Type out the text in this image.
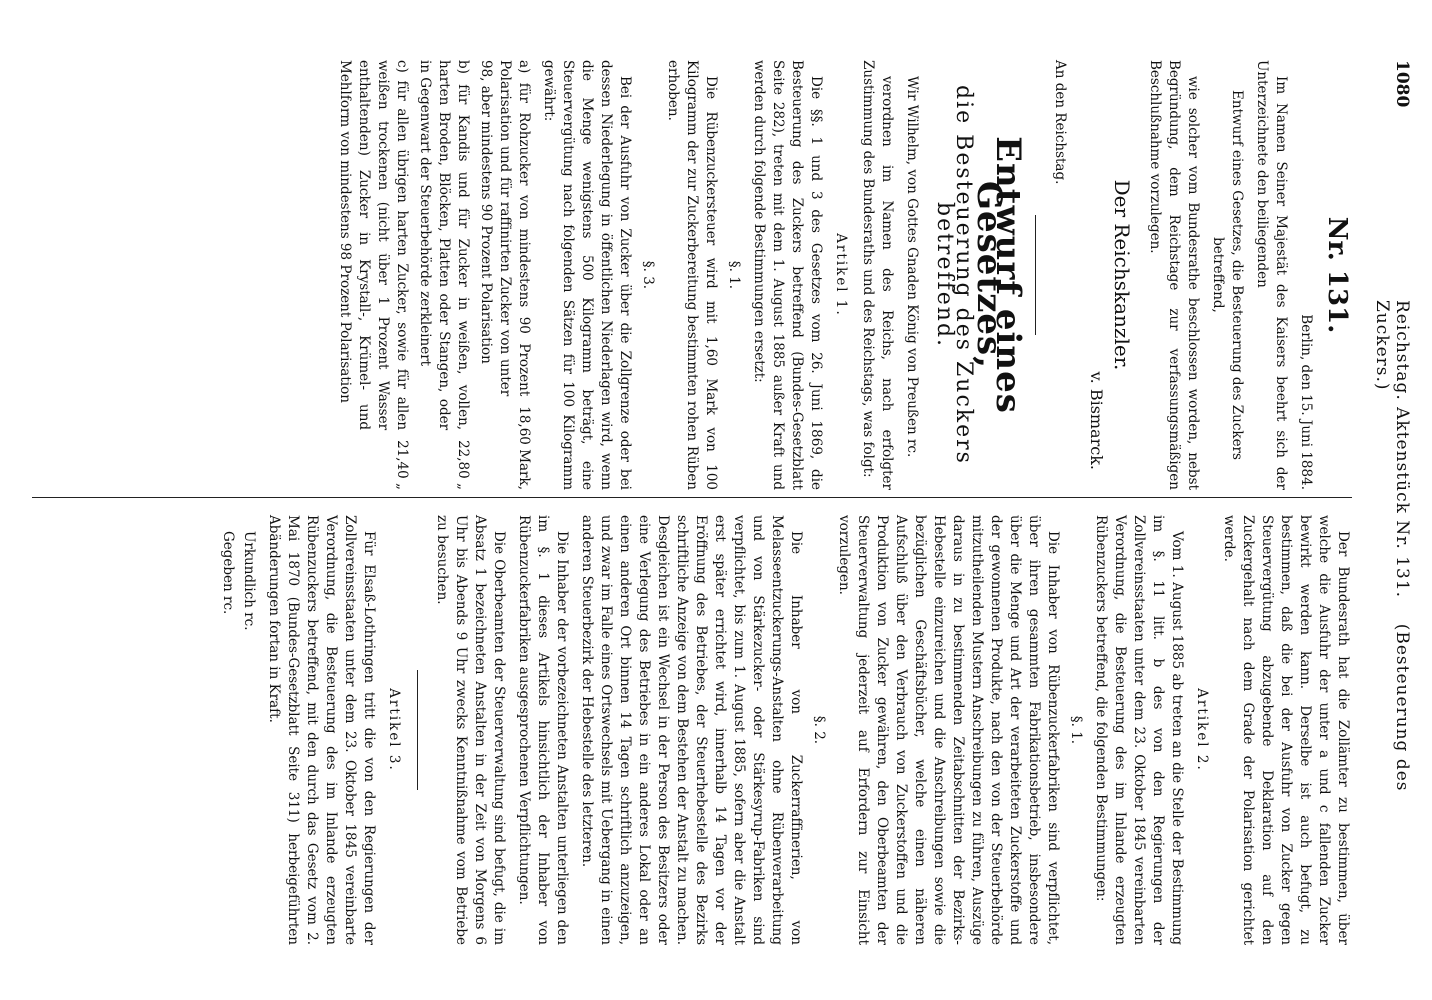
1080
Reichstag. Aktenstück Nr. 131.    (Besteuerung des Zuckers.)
Nr. 131.

Berlin, den 15. Juni 1884.

Im Namen Seiner Majestät des Kaisers beehrt sich der Unterzeichnete den beiliegenden

Entwurf eines Gesetzes, die Besteuerung des Zuckers betreffend,

wie solcher vom Bundesrathe beschlossen worden, nebst Begründung, dem Reichstage zur verfassungsmäßigen Beschlußnahme vorzulegen.

Der Reichskanzler.
v. Bismarck.

An den Reichstag.

Entwurf eines Gesetzes,
die Besteuerung des Zuckers betreffend.

Wir Wilhelm, von Gottes Gnaden König von Preußen rc.

verordnen im Namen des Reichs, nach erfolgter Zustimmung des Bundesraths und des Reichstags, was folgt:

Artikel 1.

Die §§. 1 und 3 des Gesetzes vom 26. Juni 1869, die Besteuerung des Zuckers betreffend (Bundes-Gesetzblatt Seite 282), treten mit dem 1. August 1885 außer Kraft und werden durch folgende Bestimmungen ersetzt:

§. 1.

Die Rübenzuckersteuer wird mit 1,60 Mark von 100 Kilogramm der zur Zuckerbereitung bestimmten rohen Rüben erhoben.

§. 3.

Bei der Ausfuhr von Zucker über die Zollgrenze oder bei dessen Niederlegung in öffentlichen Niederlagen wird, wenn die Menge wenigstens 500 Kilogramm beträgt, eine Steuervergütung nach folgenden Sätzen für 100 Kilogramm gewährt:

a) für Rohzucker von mindestens 90 Prozent Polarisation und für raffinirten Zucker von unter 98, aber mindestens 90 Prozent Polarisation
18,60 Mark,
b) für Kandis und für Zucker in weißen, vollen, harten Broden, Blöcken, Platten oder Stangen, oder in Gegenwart der Steuerbehörde zerkleinert
22,80 „
c) für allen übrigen harten Zucker, sowie für allen weißen trockenen (nicht über 1 Prozent Wasser enthaltenden) Zucker in Krystall-, Krümel- und Mehlform von mindestens 98 Prozent Polarisation
21,40 „

Der Bundesrath hat die Zollämter zu bestimmen, über welche die Ausfuhr der unter a und c fallenden Zucker bewirkt werden kann. Derselbe ist auch befugt, zu bestimmen, daß die bei der Ausfuhr von Zucker gegen Steuervergütung abzugebende Deklaration auf den Zuckergehalt nach dem Grade der Polarisation gerichtet werde.

Artikel 2.

Vom 1. August 1885 ab treten an die Stelle der Bestimmung im §. 11 litt. b des von den Regierungen der Zollvereinsstaaten unter dem 23. Oktober 1845 vereinbarten Verordnung, die Besteuerung des im Inlande erzeugten Rübenzuckers betreffend, die folgenden Bestimmungen:

§. 1.

Die Inhaber von Rübenzuckerfabriken sind verpflichtet, über ihren gesammten Fabrikationsbetrieb, insbesondere über die Menge und Art der verarbeiteten Zuckerstoffe und der gewonnenen Produkte, nach den von der Steuerbehörde mitzutheilenden Mustern Anschreibungen zu führen, Auszüge daraus in zu bestimmenden Zeitabschnitten der Bezirks-Hebestelle einzureichen und die Anschreibungen sowie die bezüglichen Geschäftsbücher, welche einen näheren Aufschluß über den Verbrauch von Zuckerstoffen und die Produktion von Zucker gewähren, den Oberbeamten der Steuerverwaltung jederzeit auf Erfordern zur Einsicht vorzulegen.

§. 2.

Die Inhaber von Zuckerraffinerien, von Melasseentzuckerungs-Anstalten ohne Rübenverarbeitung und von Stärkezucker- oder Stärkesyrup-Fabriken sind verpflichtet, bis zum 1. August 1885, sofern aber die Anstalt erst später errichtet wird, innerhalb 14 Tagen vor der Eröffnung des Betriebes, der Steuerhebestelle des Bezirks schriftliche Anzeige von dem Bestehen der Anstalt zu machen. Desgleichen ist ein Wechsel in der Person des Besitzers oder eine Verlegung des Betriebes in ein anderes Lokal oder an einen anderen Ort binnen 14 Tagen schriftlich anzuzeigen, und zwar im Falle eines Ortswechsels mit Uebergang in einen anderen Steuerbezirk der Hebestelle des letzteren.

Die Inhaber der vorbezeichneten Anstalten unterliegen den im §. 1 dieses Artikels hinsichtlich der Inhaber von Rübenzuckerfabriken ausgesprochenen Verpflichtungen.

Die Oberbeamten der Steuerverwaltung sind befugt, die im Absatz 1 bezeichneten Anstalten in der Zeit von Morgens 6 Uhr bis Abends 9 Uhr zwecks Kenntnißnahme vom Betriebe zu besuchen.

Artikel 3.

Für Elsaß-Lothringen tritt die von den Regierungen der Zollvereinsstaaten unter dem 23. Oktober 1845 vereinbarte Verordnung, die Besteuerung des im Inlande erzeugten Rübenzuckers betreffend, mit den durch das Gesetz vom 2. Mai 1870 (Bundes-Gesetzblatt Seite 311) herbeigeführten Abänderungen fortan in Kraft.

Urkundlich rc.

Gegeben rc.
